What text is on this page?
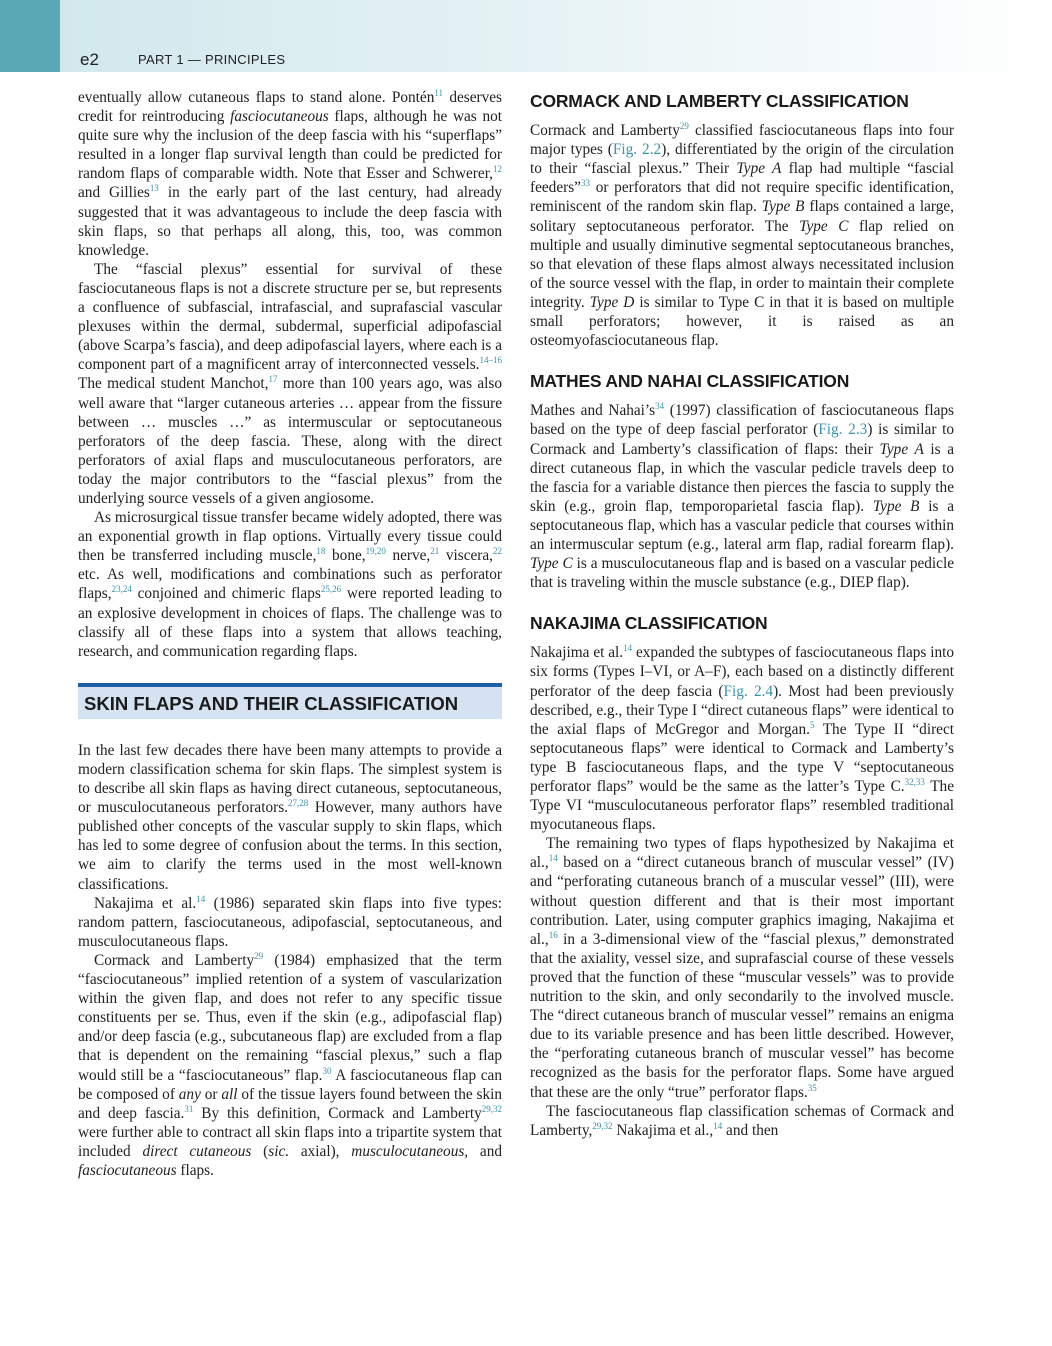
e2	PART 1 — PRINCIPLES

eventually allow cutaneous flaps to stand alone. Pontén$^{11}$ deserves credit for reintroducing fasciocutaneous flaps, although he was not quite sure why the inclusion of the deep fascia with his “superflaps” resulted in a longer flap survival length than could be predicted for random flaps of comparable width. Note that Esser and Schwerer,$^{12}$ and Gillies$^{13}$ in the early part of the last century, had already suggested that it was advantageous to include the deep fascia with skin flaps, so that perhaps all along, this, too, was common knowledge.

The “fascial plexus” essential for survival of these fasciocutaneous flaps is not a discrete structure per se, but represents a confluence of subfascial, intrafascial, and suprafascial vascular plexuses within the dermal, subdermal, superficial adipofascial (above Scarpa’s fascia), and deep adipofascial layers, where each is a component part of a magnificent array of interconnected vessels.$^{14-16}$ The medical student Manchot,$^{17}$ more than 100 years ago, was also well aware that “larger cutaneous arteries … appear from the fissure between … muscles …” as intermuscular or septocutaneous perforators of the deep fascia. These, along with the direct perforators of axial flaps and musculocutaneous perforators, are today the major contributors to the “fascial plexus” from the underlying source vessels of a given angiosome.

As microsurgical tissue transfer became widely adopted, there was an exponential growth in flap options. Virtually every tissue could then be transferred including muscle,$^{18}$ bone,$^{19,20}$ nerve,$^{21}$ viscera,$^{22}$ etc. As well, modifications and combinations such as perforator flaps,$^{23,24}$ conjoined and chimeric flaps$^{25,26}$ were reported leading to an explosive development in choices of flaps. The challenge was to classify all of these flaps into a system that allows teaching, research, and communication regarding flaps.

SKIN FLAPS AND THEIR CLASSIFICATION

In the last few decades there have been many attempts to provide a modern classification schema for skin flaps. The simplest system is to describe all skin flaps as having direct cutaneous, septocutaneous, or musculocutaneous perforators.$^{27,28}$ However, many authors have published other concepts of the vascular supply to skin flaps, which has led to some degree of confusion about the terms. In this section, we aim to clarify the terms used in the most well-known classifications.

Nakajima et al.$^{14}$ (1986) separated skin flaps into five types: random pattern, fasciocutaneous, adipofascial, septocutaneous, and musculocutaneous flaps.

Cormack and Lamberty$^{29}$ (1984) emphasized that the term “fasciocutaneous” implied retention of a system of vascularization within the given flap, and does not refer to any specific tissue constituents per se. Thus, even if the skin (e.g., adipofascial flap) and/or deep fascia (e.g., subcutaneous flap) are excluded from a flap that is dependent on the remaining “fascial plexus,” such a flap would still be a “fasciocutaneous” flap.$^{30}$ A fasciocutaneous flap can be composed of any or all of the tissue layers found between the skin and deep fascia.$^{31}$ By this definition, Cormack and Lamberty$^{29,32}$ were further able to contract all skin flaps into a tripartite system that included direct cutaneous (sic. axial), musculocutaneous, and fasciocutaneous flaps.

CORMACK AND LAMBERTY CLASSIFICATION

Cormack and Lamberty$^{29}$ classified fasciocutaneous flaps into four major types (Fig. 2.2), differentiated by the origin of the circulation to their “fascial plexus.” Their Type A flap had multiple “fascial feeders”$^{33}$ or perforators that did not require specific identification, reminiscent of the random skin flap. Type B flaps contained a large, solitary septocutaneous perforator. The Type C flap relied on multiple and usually diminutive segmental septocutaneous branches, so that elevation of these flaps almost always necessitated inclusion of the source vessel with the flap, in order to maintain their complete integrity. Type D is similar to Type C in that it is based on multiple small perforators; however, it is raised as an osteomyofasciocutaneous flap.

MATHES AND NAHAI CLASSIFICATION

Mathes and $Nahai’s^{34}$ (1997) classification of fasciocutaneous flaps based on the type of deep fascial perforator (Fig. 2.3) is similar to Cormack and Lamberty’s classification of flaps: their Type A is a direct cutaneous flap, in which the vascular pedicle travels deep to the fascia for a variable distance then pierces the fascia to supply the skin (e.g., groin flap, temporoparietal fascia flap). Type B is a septocutaneous flap, which has a vascular pedicle that courses within an intermuscular septum (e.g., lateral arm flap, radial forearm flap). Type C is a musculocutaneous flap and is based on a vascular pedicle that is traveling within the muscle substance (e.g., DIEP flap).

NAKAJIMA CLASSIFICATION

Nakajima et al.$^{14}$ expanded the subtypes of fasciocutaneous flaps into six forms (Types I–VI, or A–F), each based on a distinctly different perforator of the deep fascia (Fig. 2.4). Most had been previously described, e.g., their Type I “direct cutaneous flaps” were identical to the axial flaps of McGregor and Morgan.$^5$ The Type II “direct septocutaneous flaps” were identical to Cormack and Lamberty’s type B fasciocutaneous flaps, and the type V “septocutaneous perforator flaps” would be the same as the latter’s Type C.$^{32,33}$ The Type VI “musculocutaneous perforator flaps” resembled traditional myocutaneous flaps.

The remaining two types of flaps hypothesized by Nakajima et al.,$^{14}$ based on a “direct cutaneous branch of muscular vessel” (IV) and “perforating cutaneous branch of a muscular vessel” (III), were without question different and that is their most important contribution. Later, using computer graphics imaging, Nakajima et al.,$^{16}$ in a 3-dimensional view of the “fascial plexus,” demonstrated that the axiality, vessel size, and suprafascial course of these vessels proved that the function of these “muscular vessels” was to provide nutrition to the skin, and only secondarily to the involved muscle. The “direct cutaneous branch of muscular vessel” remains an enigma due to its variable presence and has been little described. However, the “perforating cutaneous branch of muscular vessel” has become recognized as the basis for the perforator flaps. Some have argued that these are the only “true” perforator flaps.$^{35}$

The fasciocutaneous flap classification schemas of Cormack and Lamberty,$^{29,32}$ Nakajima et al.,$^{14}$ and then
